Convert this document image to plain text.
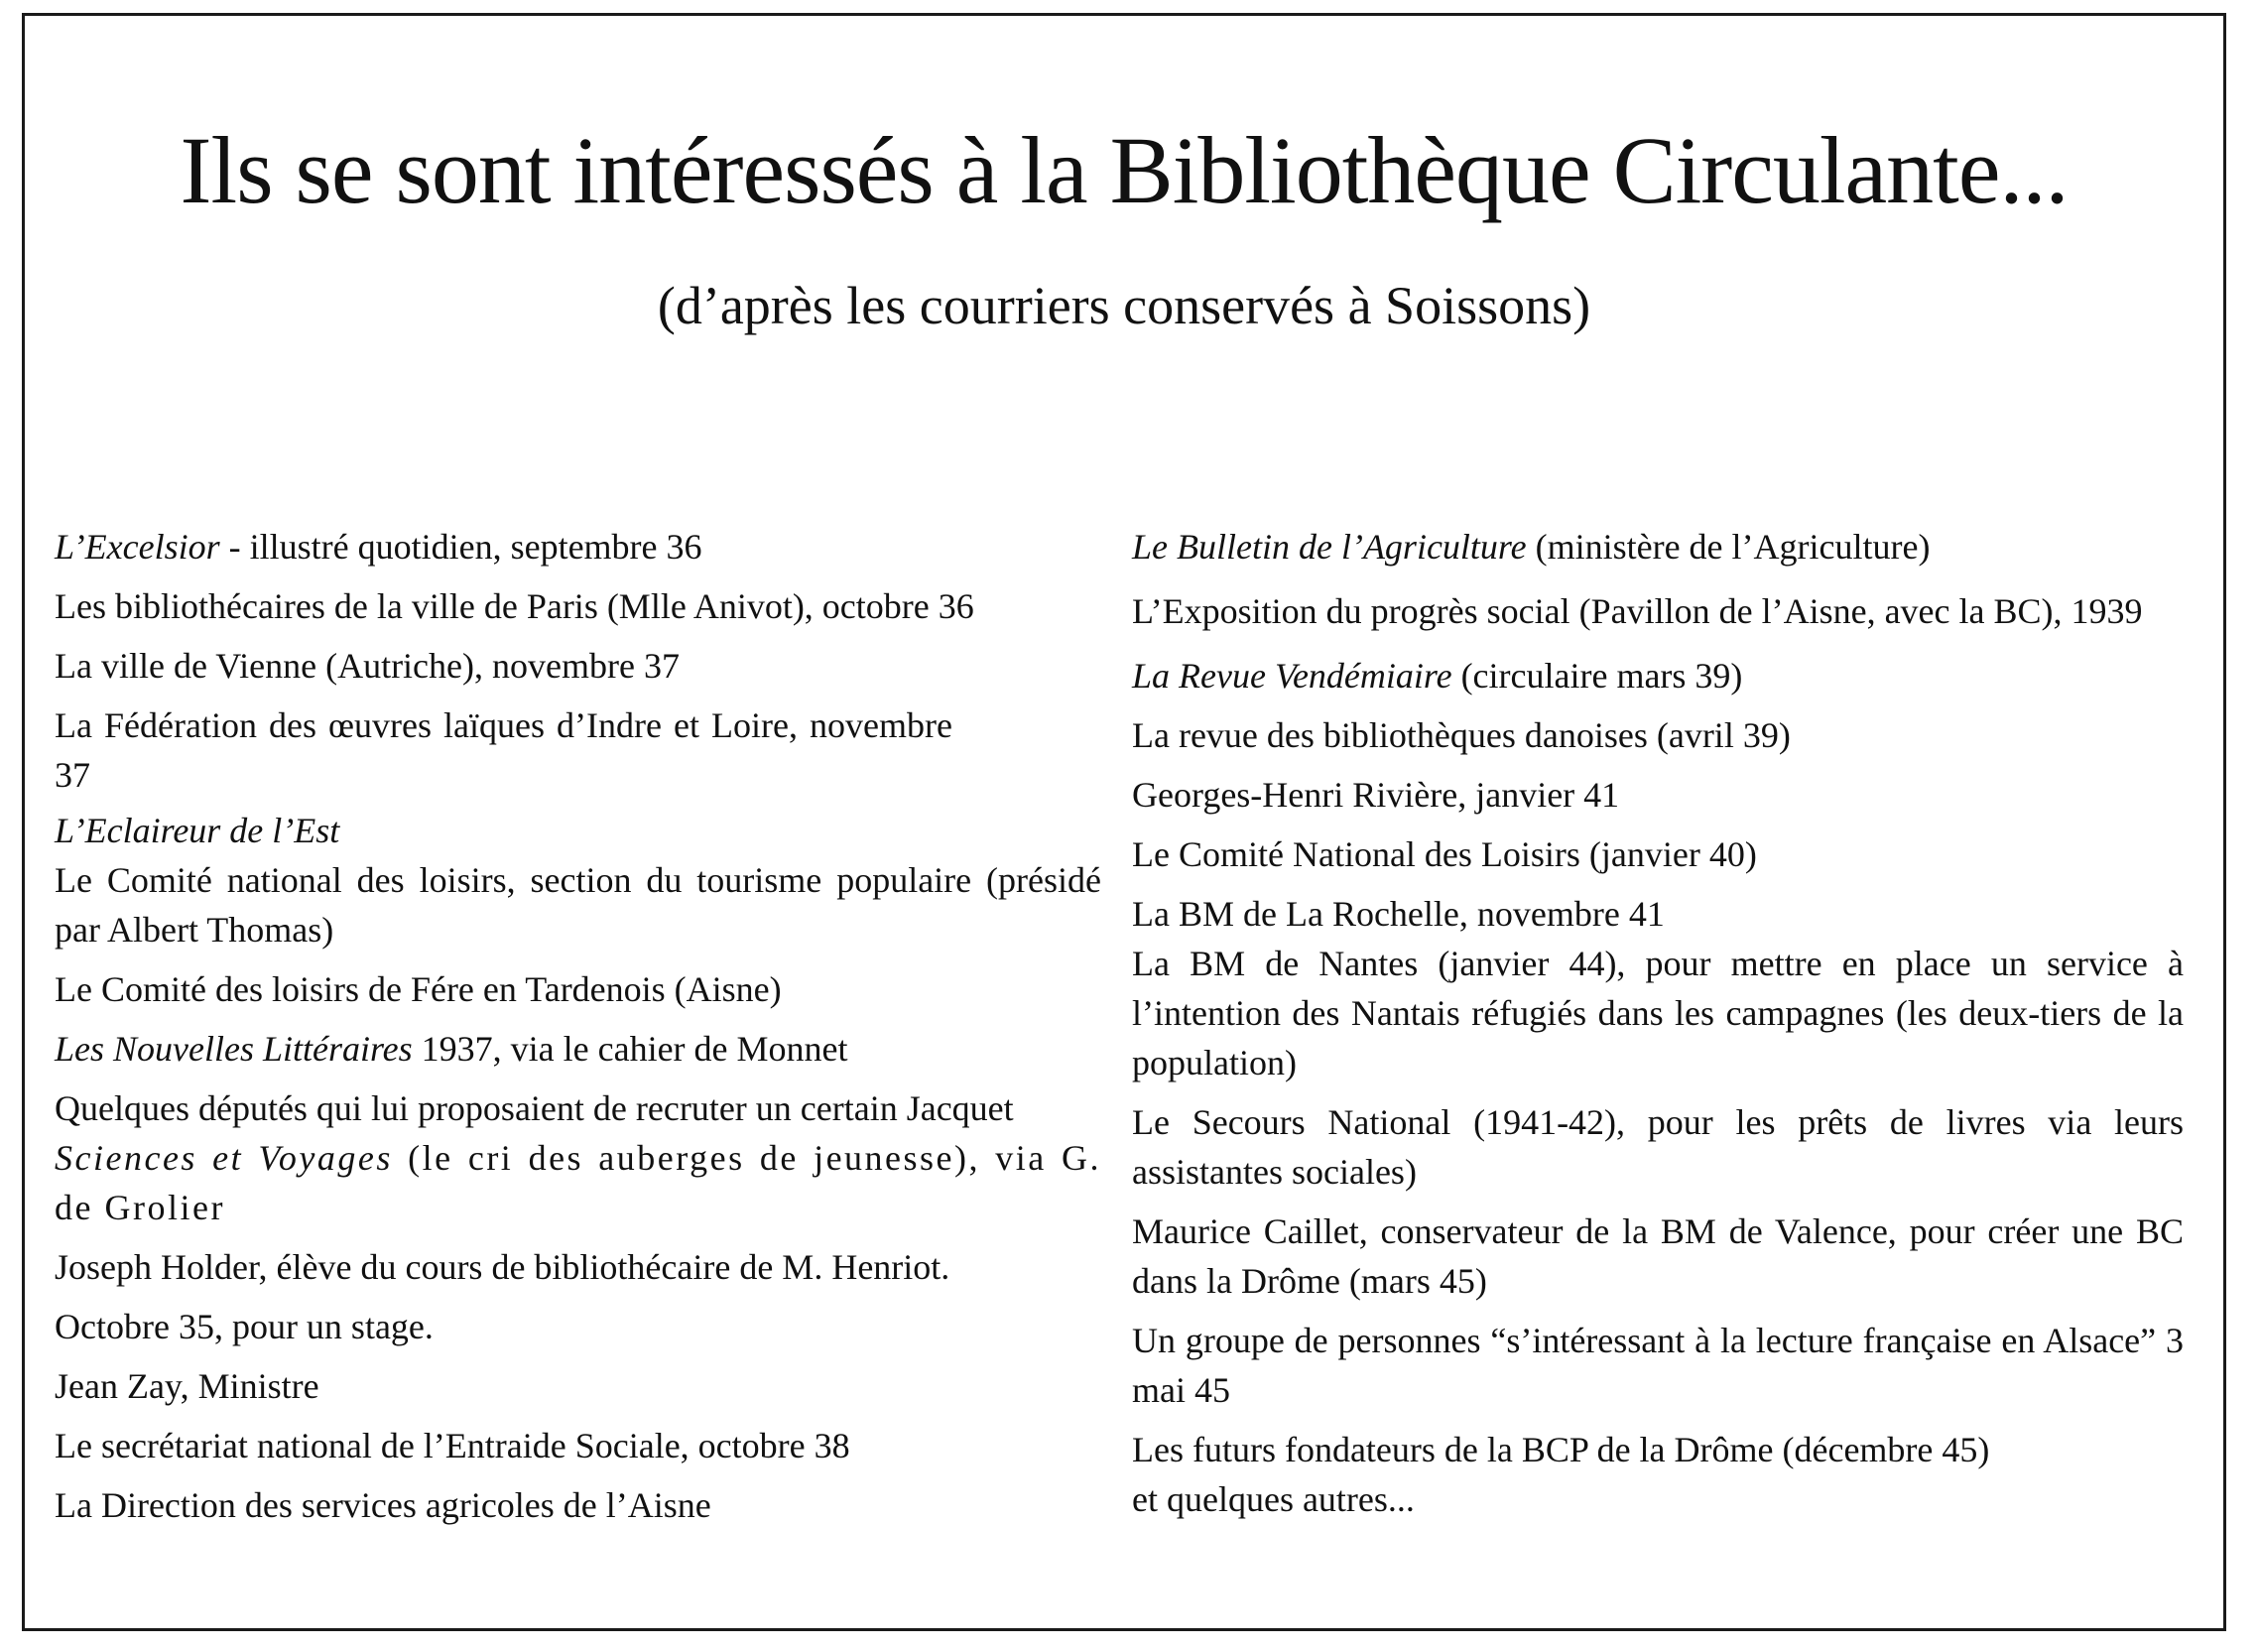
Ils se sont intéressés à la Bibliothèque Circulante...
(d’après les courriers conservés à Soissons)
L’Excelsior - illustré quotidien, septembre 36
Les bibliothécaires de la ville de Paris (Mlle Anivot), octobre 36
La ville de Vienne (Autriche), novembre 37
La Fédération des œuvres laïques d’Indre et Loire, novembre 37
L’Eclaireur de l’Est
Le Comité national des loisirs, section du tourisme populaire (présidé par Albert Thomas)
Le Comité des loisirs de Fére en Tardenois (Aisne)
Les Nouvelles Littéraires 1937, via le cahier de Monnet
Quelques députés qui lui proposaient de recruter un certain Jacquet
Sciences et Voyages (le cri des auberges de jeunesse), via G. de Grolier
Joseph Holder, élève du cours de bibliothécaire de M. Henriot.
Octobre 35, pour un stage.
Jean Zay, Ministre
Le secrétariat national de l’Entraide Sociale, octobre 38
La Direction des services agricoles de l’Aisne
Le Bulletin de l’Agriculture (ministère de l’Agriculture)
L’Exposition du progrès social (Pavillon de l’Aisne, avec la BC), 1939
La Revue Vendémiaire (circulaire mars 39)
La revue des bibliothèques danoises (avril 39)
Georges-Henri Rivière, janvier 41
Le Comité National des Loisirs (janvier 40)
La BM de La Rochelle, novembre 41
La BM de Nantes (janvier 44), pour mettre en place un service à l’intention des Nantais réfugiés dans les campagnes (les deux-tiers de la population)
Le Secours National (1941-42), pour les prêts de livres via leurs assistantes sociales)
Maurice Caillet, conservateur de la BM de Valence, pour créer une BC dans la Drôme (mars 45)
Un groupe de personnes “s’intéressant à la lecture française en Alsace” 3 mai 45
Les futurs fondateurs de la BCP de la Drôme (décembre 45)
et quelques autres...
